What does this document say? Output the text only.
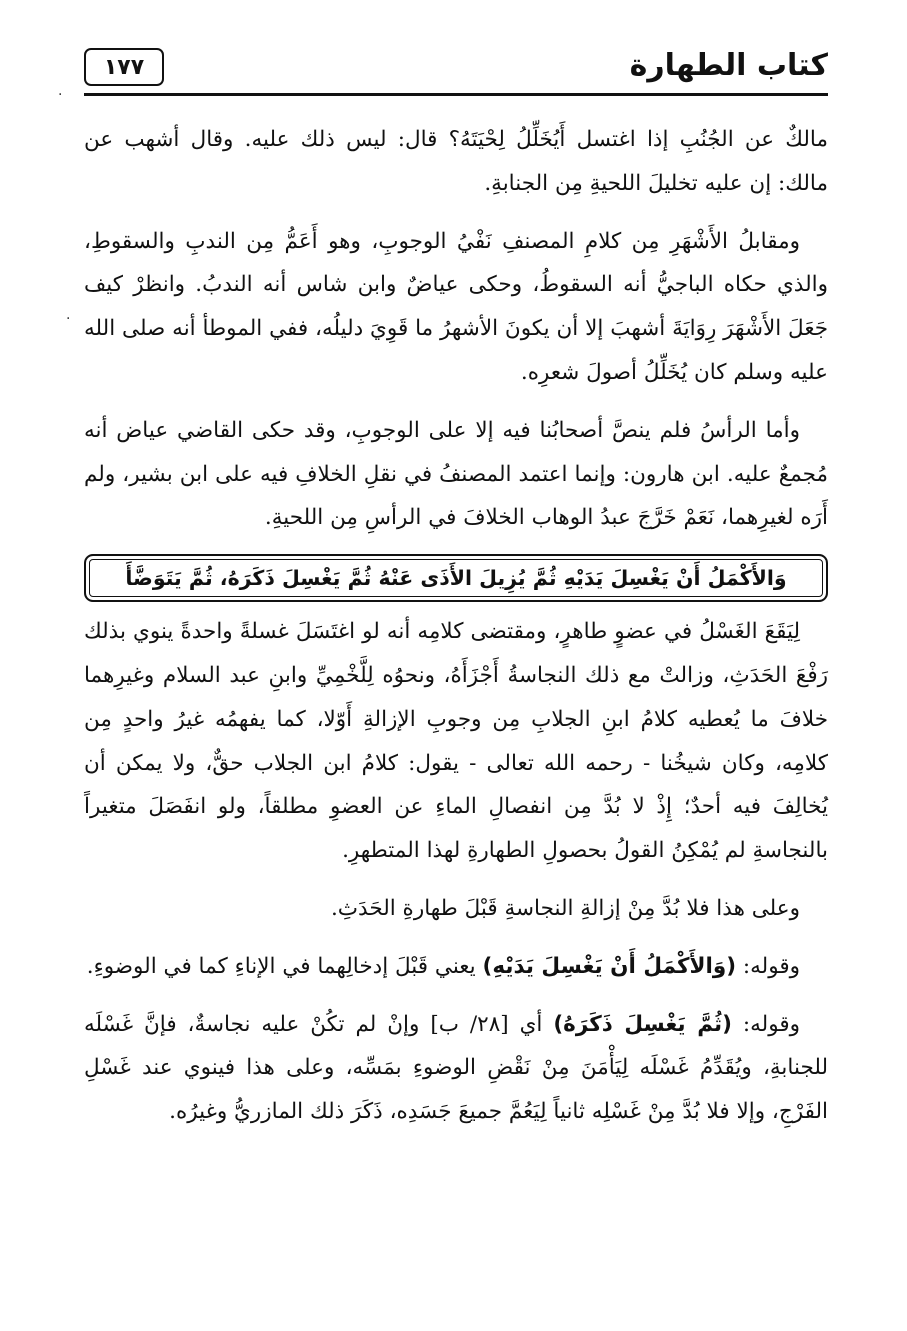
كتاب الطهارة
١٧٧
·
·

مالكٌ عن الجُنُبِ إذا اغتسل أَيُخَلِّلُ لِحْيَتَهُ؟ قال: ليس ذلك عليه. وقال أشهب عن مالك: إن عليه تخليلَ اللحيةِ مِن الجنابةِ.

ومقابلُ الأَشْهَرِ مِن كلامِ المصنفِ نَفْيُ الوجوبِ، وهو أَعَمُّ مِن الندبِ والسقوطِ، والذي حكاه الباجيُّ أنه السقوطُ، وحكى عياضٌ وابن شاس أنه الندبُ. وانظرْ كيف جَعَلَ الأَشْهَرَ رِوَايَةَ أشهبَ إلا أن يكونَ الأشهرُ ما قَوِيَ دليلُه، ففي الموطأ أنه صلى الله عليه وسلم كان يُخَلِّلُ أصولَ شعرِه.

وأما الرأسُ فلم ينصَّ أصحابُنا فيه إلا على الوجوبِ، وقد حكى القاضي عياض أنه مُجمعٌ عليه. ابن هارون: وإنما اعتمد المصنفُ في نقلِ الخلافِ فيه على ابن بشير، ولم أَرَه لغيرِهما، نَعَمْ خَرَّجَ عبدُ الوهاب الخلافَ في الرأسِ مِن اللحيةِ.

وَالأَكْمَلُ أَنْ يَغْسِلَ يَدَيْهِ ثُمَّ يُزِيلَ الأَذَى عَنْهُ ثُمَّ يَغْسِلَ ذَكَرَهُ، ثُمَّ يَتَوَضَّأَ

لِيَقَعَ الغَسْلُ في عضوٍ طاهرٍ، ومقتضى كلامِه أنه لو اغتَسَلَ غسلةً واحدةً ينوي بذلك رَفْعَ الحَدَثِ، وزالتْ مع ذلك النجاسةُ أَجْزَأَهُ، ونحوُه لِلَّخْمِيِّ وابنِ عبد السلام وغيرِهما خلافَ ما يُعطيه كلامُ ابنِ الجلابِ مِن وجوبِ الإزالةِ أَوّلا، كما يفهمُه غيرُ واحدٍ مِن كلامِه، وكان شيخُنا - رحمه الله تعالى - يقول: كلامُ ابن الجلاب حقٌّ، ولا يمكن أن يُخالِفَ فيه أحدٌ؛ إِذْ لا بُدَّ مِن انفصالِ الماءِ عن العضوِ مطلقاً، ولو انفَصَلَ متغيراً بالنجاسةِ لم يُمْكِنُ القولُ بحصولِ الطهارةِ لهذا المتطهرِ.

وعلى هذا فلا بُدَّ مِنْ إزالةِ النجاسةِ قَبْلَ طهارةِ الحَدَثِ.

وقوله: (وَالأَكْمَلُ أَنْ يَغْسِلَ يَدَيْهِ) يعني قَبْلَ إدخالِهما في الإناءِ كما في الوضوءِ.

وقوله: (ثُمَّ يَغْسِلَ ذَكَرَهُ) أي [٢٨/ ب] وإنْ لم تكُنْ عليه نجاسةٌ، فإنَّ غَسْلَه للجنابةِ، ويُقَدِّمُ غَسْلَه لِيَأْمَنَ مِنْ نَقْضِ الوضوءِ بمَسِّه، وعلى هذا فينوي عند غَسْلِ الفَرْجِ، وإلا فلا بُدَّ مِنْ غَسْلِه ثانياً لِيَعُمَّ جميعَ جَسَدِه، ذَكَرَ ذلك المازريُّ وغيرُه.
